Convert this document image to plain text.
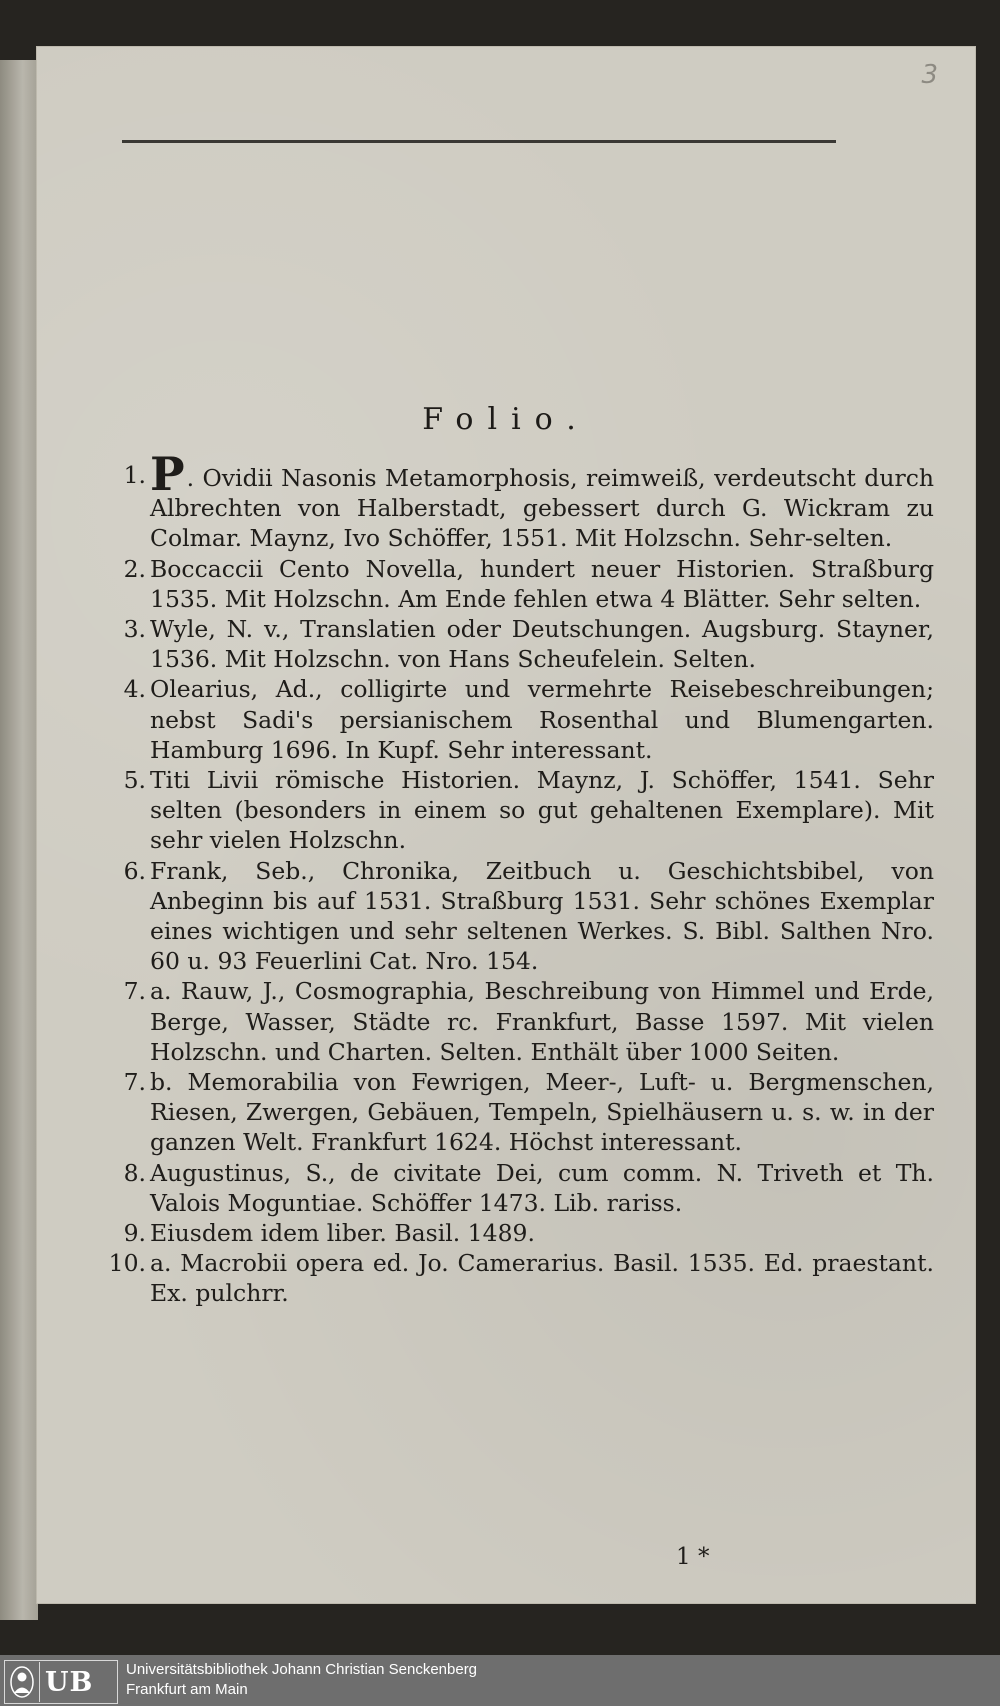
3
Folio.

1. P. Ovidii Nasonis Metamorphosis, reimweiß, verdeutscht durch Albrechten von Halberstadt, gebessert durch G. Wickram zu Colmar. Maynz, Ivo Schöffer, 1551. Mit Holzschn. Sehr-selten.

2. Boccaccii Cento Novella, hundert neuer Historien. Straßburg 1535. Mit Holzschn. Am Ende fehlen etwa 4 Blätter. Sehr selten.

3. Wyle, N. v., Translatien oder Deutschungen. Augsburg. Stayner, 1536. Mit Holzschn. von Hans Scheufelein. Selten.

4. Olearius, Ad., colligirte und vermehrte Reisebeschreibungen; nebst Sadi's persianischem Rosenthal und Blumengarten. Hamburg 1696. In Kupf. Sehr interessant.

5. Titi Livii römische Historien. Maynz, J. Schöffer, 1541. Sehr selten (besonders in einem so gut gehaltenen Exemplare). Mit sehr vielen Holzschn.

6. Frank, Seb., Chronika, Zeitbuch u. Geschichtsbibel, von Anbeginn bis auf 1531. Straßburg 1531. Sehr schönes Exemplar eines wichtigen und sehr seltenen Werkes. S. Bibl. Salthen Nro. 60 u. 93 Feuerlini Cat. Nro. 154.

7. a. Rauw, J., Cosmographia, Beschreibung von Himmel und Erde, Berge, Wasser, Städte rc. Frankfurt, Basse 1597. Mit vielen Holzschn. und Charten. Selten. Enthält über 1000 Seiten.

7. b. Memorabilia von Fewrigen, Meer-, Luft- u. Bergmenschen, Riesen, Zwergen, Gebäuen, Tempeln, Spielhäusern u. s. w. in der ganzen Welt. Frankfurt 1624. Höchst interessant.

8. Augustinus, S., de civitate Dei, cum comm. N. Triveth et Th. Valois Moguntiae. Schöffer 1473. Lib. rariss.

9. Eiusdem idem liber. Basil. 1489.

10. a. Macrobii opera ed. Jo. Camerarius. Basil. 1535. Ed. praestant. Ex. pulchrr.

1 *
UB Universitätsbibliothek Johann Christian Senckenberg
Frankfurt am Main
